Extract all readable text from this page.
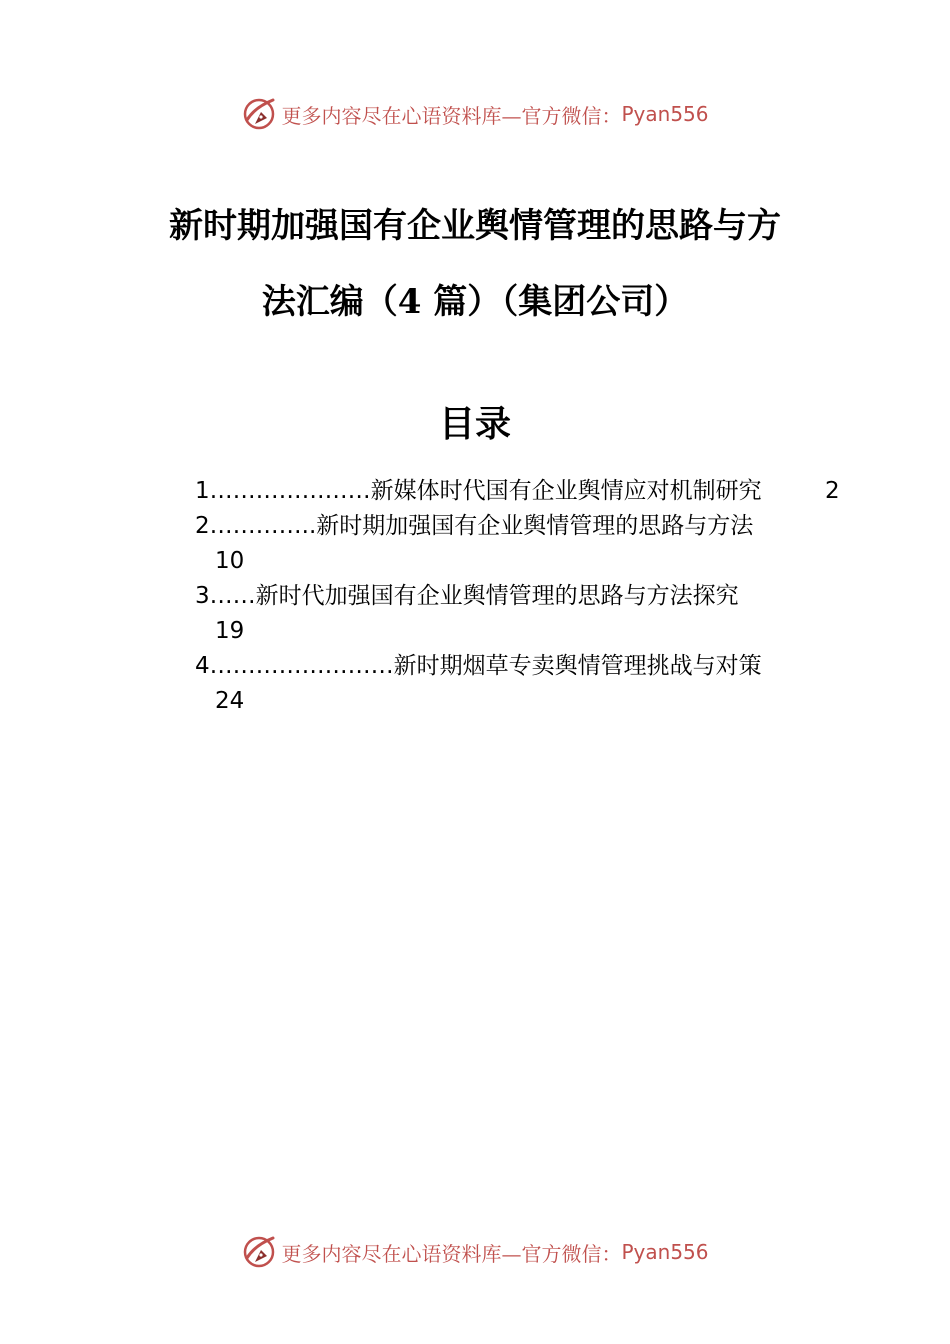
更多内容尽在心语资料库—官方微信： Pyan556
新时期加强国有企业舆情管理的思路与方
法汇编（4 篇）（集团公司）
目录
1…………………新媒体时代国有企业舆情应对机制研究	2
2…………..新时期加强国有企业舆情管理的思路与方法
10
3……新时代加强国有企业舆情管理的思路与方法探究
19
4……………………新时期烟草专卖舆情管理挑战与对策
24
更多内容尽在心语资料库—官方微信： Pyan556
